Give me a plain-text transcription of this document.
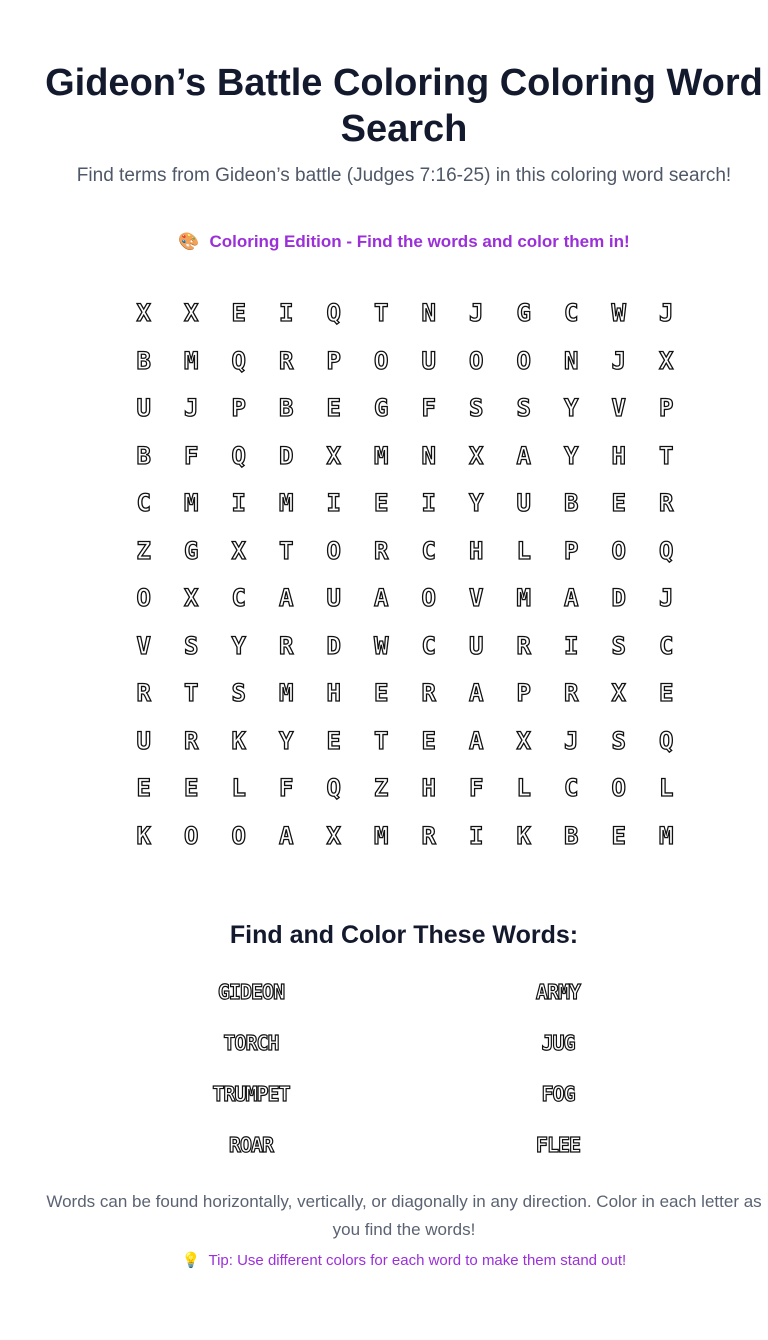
Gideon’s Battle Coloring Coloring Word Search

Find terms from Gideon’s battle (Judges 7:16-25) in this coloring word search!

🎨 Coloring Edition - Find the words and color them in!
X	X	E	I	Q	T	N	J	G	C	W	J
B	M	Q	R	P	O	U	O	O	N	J	X
U	J	P	B	E	G	F	S	S	Y	V	P
B	F	Q	D	X	M	N	X	A	Y	H	T
C	M	I	M	I	E	I	Y	U	B	E	R
Z	G	X	T	O	R	C	H	L	P	O	Q
O	X	C	A	U	A	O	V	M	A	D	J
V	S	Y	R	D	W	C	U	R	I	S	C
R	T	S	M	H	E	R	A	P	R	X	E
U	R	K	Y	E	T	E	A	X	J	S	Q
E	E	L	F	Q	Z	H	F	L	C	O	L
K	O	O	A	X	M	R	I	K	B	E	M
Find and Color These Words:
GIDEON	ARMY
TORCH	JUG
TRUMPET	FOG
ROAR	FLEE

Words can be found horizontally, vertically, or diagonally in any direction. Color in each letter as you find the words!

💡 Tip: Use different colors for each word to make them stand out!
